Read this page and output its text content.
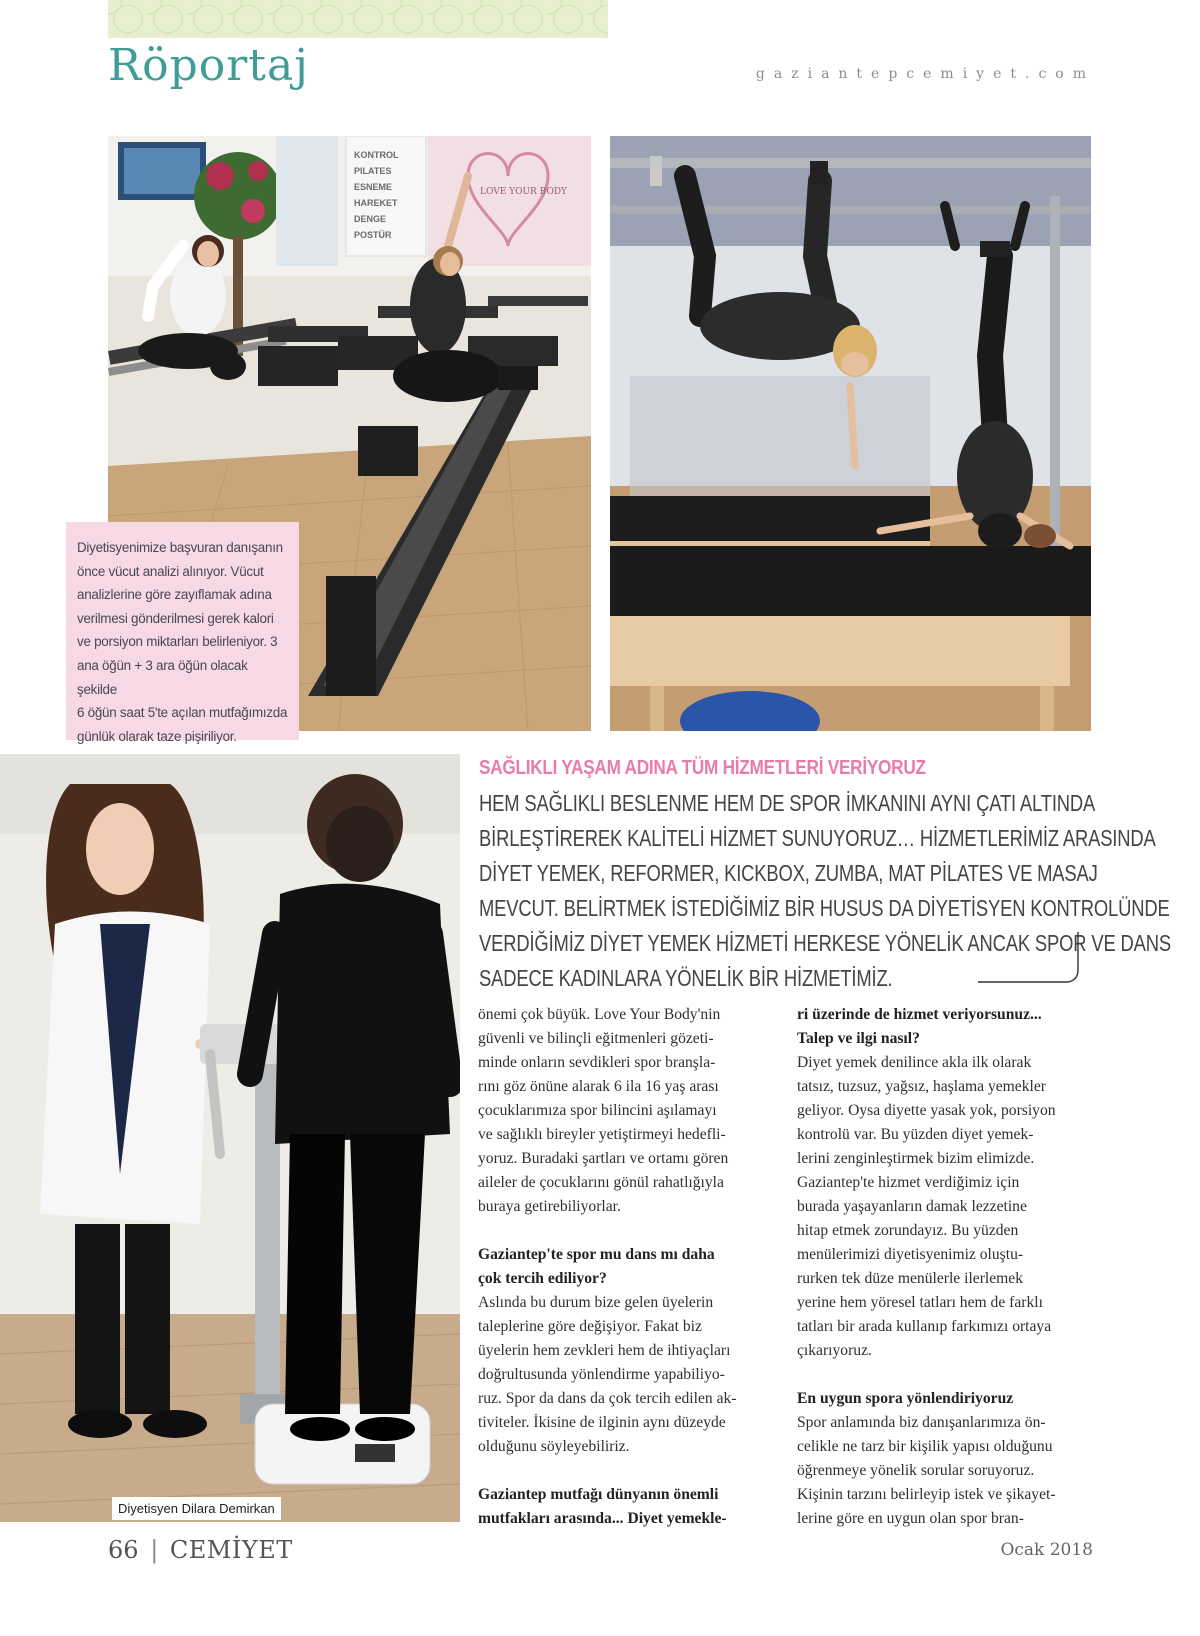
Röportaj	gaziantepcemiyet.com
KONTROL
PILATES
ESNEME
HAREKET
DENGE
POSTÜR
LOVE YOUR BODY
Diyetisyenimize başvuran danışanın
önce vücut analizi alınıyor. Vücut
analizlerine göre zayıflamak adına
verilmesi gönderilmesi gerek kalori
ve porsiyon miktarları belirleniyor. 3
ana öğün + 3 ara öğün olacak şekilde
6 öğün saat 5'te açılan mutfağımızda
günlük olarak taze pişiriliyor.
Diyetisyen Dilara Demirkan
SAĞLIKLI YAŞAM ADINA TÜM HİZMETLERİ VERİYORUZ
HEM SAĞLIKLI BESLENME HEM DE SPOR İMKANINI AYNI ÇATI ALTINDA
BİRLEŞTİREREK KALİTELİ HİZMET SUNUYORUZ… HİZMETLERİMİZ ARASINDA
DİYET YEMEK, REFORMER, KICKBOX, ZUMBA, MAT PİLATES VE MASAJ
MEVCUT. BELİRTMEK İSTEDİĞİMİZ BİR HUSUS DA DİYETİSYEN KONTROLÜNDE
VERDİĞİMİZ DİYET YEMEK HİZMETİ HERKESE YÖNELİK ANCAK SPOR VE DANS
SADECE KADINLARA YÖNELİK BİR HİZMETİMİZ.

önemi çok büyük. Love Your Body'nin

güvenli ve bilinçli eğitmenleri gözeti-

minde onların sevdikleri spor branşla-

rını göz önüne alarak 6 ila 16 yaş arası

çocuklarımıza spor bilincini aşılamayı

ve sağlıklı bireyler yetiştirmeyi hedefli-

yoruz. Buradaki şartları ve ortamı gören

aileler de çocuklarını gönül rahatlığıyla

buraya getirebiliyorlar.

Gaziantep'te spor mu dans mı daha

çok tercih ediliyor?

Aslında bu durum bize gelen üyelerin

taleplerine göre değişiyor. Fakat biz

üyelerin hem zevkleri hem de ihtiyaçları

doğrultusunda yönlendirme yapabiliyo-

ruz. Spor da dans da çok tercih edilen ak-

tiviteler. İkisine de ilginin aynı düzeyde

olduğunu söyleyebiliriz.

Gaziantep mutfağı dünyanın önemli

mutfakları arasında... Diyet yemekle-

ri üzerinde de hizmet veriyorsunuz...

Talep ve ilgi nasıl?

Diyet yemek denilince akla ilk olarak

tatsız, tuzsuz, yağsız, haşlama yemekler

geliyor. Oysa diyette yasak yok, porsiyon

kontrolü var. Bu yüzden diyet yemek-

lerini zenginleştirmek bizim elimizde.

Gaziantep'te hizmet verdiğimiz için

burada yaşayanların damak lezzetine

hitap etmek zorundayız. Bu yüzden

menülerimizi diyetisyenimiz oluştu-

rurken tek düze menülerle ilerlemek

yerine hem yöresel tatları hem de farklı

tatları bir arada kullanıp farkımızı ortaya

çıkarıyoruz.

En uygun spora yönlendiriyoruz

Spor anlamında biz danışanlarımıza ön-

celikle ne tarz bir kişilik yapısı olduğunu

öğrenmeye yönelik sorular soruyoruz.

Kişinin tarzını belirleyip istek ve şikayet-

lerine göre en uygun olan spor bran-

66 | CEMİYET	Ocak 2018
